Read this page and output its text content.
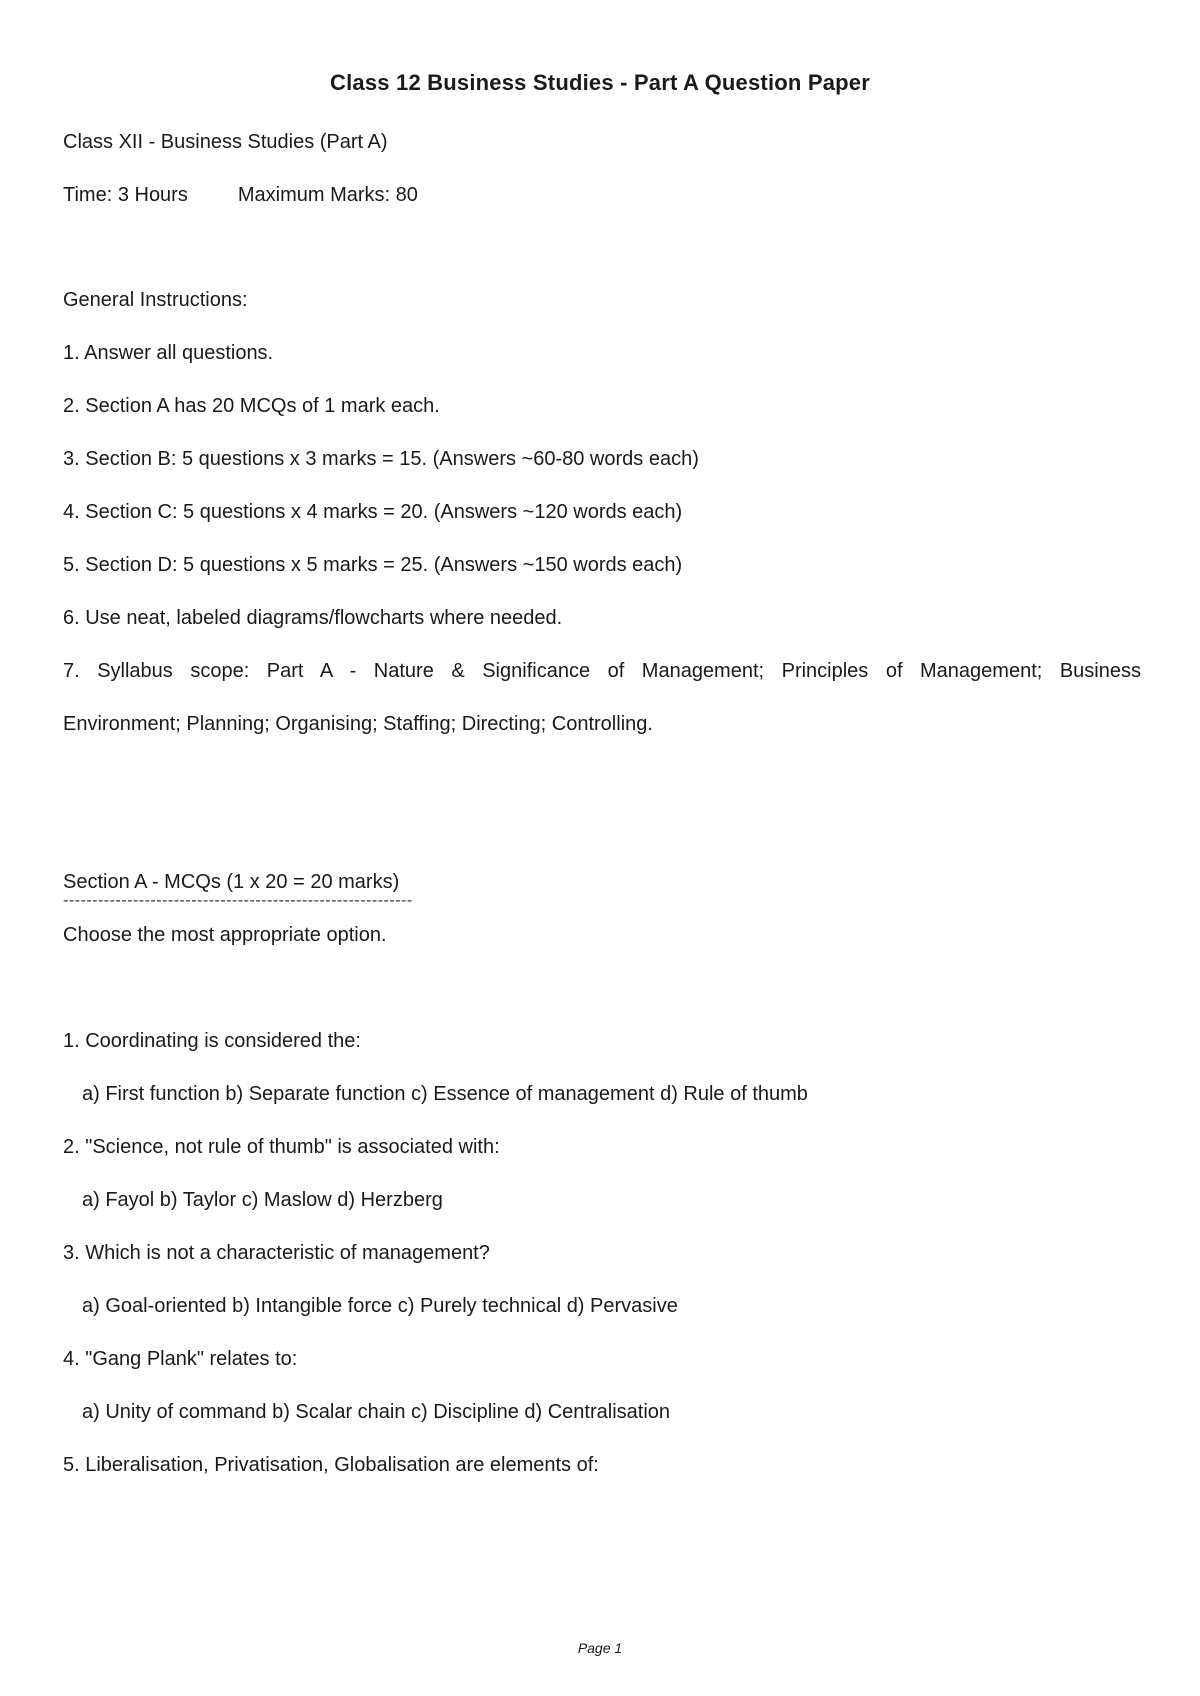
Class 12 Business Studies - Part A Question Paper
Class XII - Business Studies (Part A)
Time: 3 Hours	Maximum Marks: 80
General Instructions:
1. Answer all questions.
2. Section A has 20 MCQs of 1 mark each.
3. Section B: 5 questions x 3 marks = 15. (Answers ~60-80 words each)
4. Section C: 5 questions x 4 marks = 20. (Answers ~120 words each)
5. Section D: 5 questions x 5 marks = 25. (Answers ~150 words each)
6. Use neat, labeled diagrams/flowcharts where needed.
7. Syllabus scope: Part A - Nature & Significance of Management; Principles of Management; Business
Environment; Planning; Organising; Staffing; Directing; Controlling.
------------------------------------------------------------
Section A - MCQs (1 x 20 = 20 marks)
Choose the most appropriate option.
1. Coordinating is considered the:
a) First function b) Separate function c) Essence of management d) Rule of thumb
2. "Science, not rule of thumb" is associated with:
a) Fayol b) Taylor c) Maslow d) Herzberg
3. Which is not a characteristic of management?
a) Goal-oriented b) Intangible force c) Purely technical d) Pervasive
4. "Gang Plank" relates to:
a) Unity of command b) Scalar chain c) Discipline d) Centralisation
5. Liberalisation, Privatisation, Globalisation are elements of:
Page 1
